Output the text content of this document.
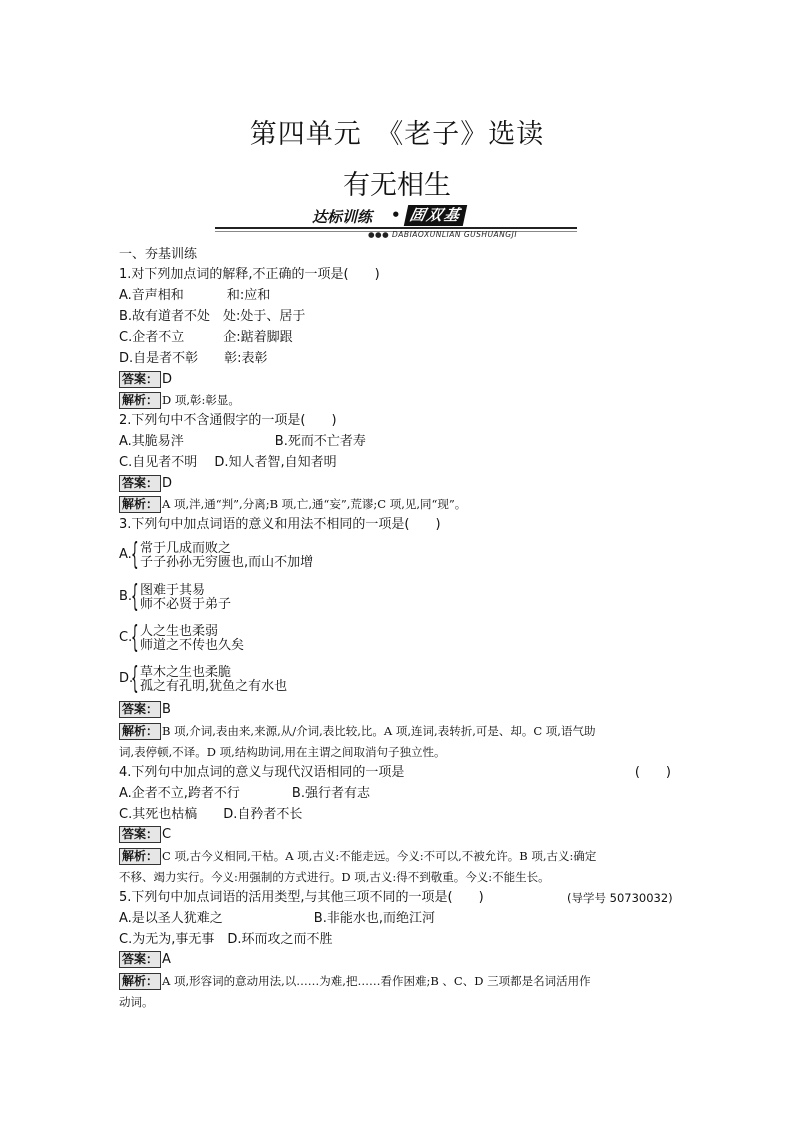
第四单元　《老子》选读
有无相生
达标训练 • 固双基
●●● DABIAOXUNLIAN GUSHUANGJI
一、夯基训练
1.对下列加点词的解释,不正确的一项是(　　)
A.音声相和　　　 和:应和
B.故有道者不处　处:处于、居于
C.企者不立　　　企:踮着脚跟
D.自是者不彰　　彰:表彰
答案： D
解析： D 项,彰:彰显。
2.下列句中不含通假字的一项是(　　)
A.其脆易泮　　　　　　　B.死而不亡者寿
C.自见者不明　 D.知人者智,自知者明
答案： D
解析： A 项,泮,通“判”,分离;B 项,亡,通“妄”,荒谬;C 项,见,同“现”。
3.下列句中加点词语的意义和用法不相同的一项是(　　)
A. { 常于几成而败之
子子孙孙无穷匮也,而山不加增
B.
{ 图难于其易
师不必贤于弟子
C.
{ 人之生也柔弱
师道之不传也久矣
D.
{ 草木之生也柔脆
孤之有孔明,犹鱼之有水也
答案： B
解析： B 项,介词,表由来,来源,从/介词,表比较,比。A 项,连词,表转折,可是、却。C 项,语气助
词,表停顿,不译。D 项,结构助词,用在主谓之间取消句子独立性。
4.下列句中加点词的意义与现代汉语相同的一项是	(　　)
A.企者不立,跨者不行　　　　B.强行者有志
C.其死也枯槁　　D.自矜者不长
答案： C
解析： C 项,古今义相同,干枯。A 项,古义:不能走远。今义:不可以,不被允许。B 项,古义:确定
不移、竭力实行。今义:用强制的方式进行。D 项,古义:得不到敬重。今义:不能生长。
5.下列句中加点词语的活用类型,与其他三项不同的一项是(　　)	(导学号 50730032)
A.是以圣人犹难之　　　　　　　B.非能水也,而绝江河
C.为无为,事无事　D.环而攻之而不胜
答案： A
解析： A 项,形容词的意动用法,以……为难,把……看作困难;B 、C、D 三项都是名词活用作
动词。
